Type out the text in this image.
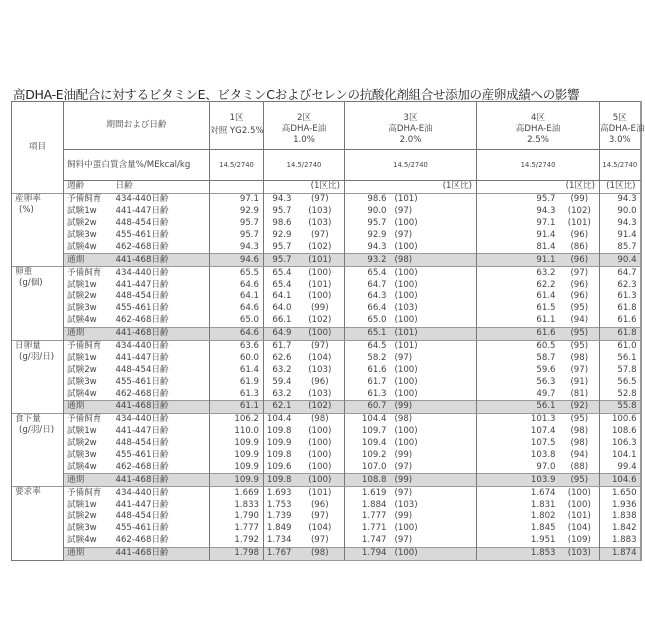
高DHA-E油配合に対するビタミンE、ビタミンCおよびセレンの抗酸化剤組合せ添加の産卵成績への影響
項目	期間および日齢	1区	2区	3区	4区	5区
対照 YG2.5%	高DHA-E油
1.0%

高DHA-E油
2.0%

高DHA-E油
2.5%

高DHA-E油
3.0%

飼料中蛋白質含量%/MEkcal/kg	14.5/2740	14.5/2740	14.5/2740	14.5/2740	14.5/2740
週齢	日齢		(1区比)	(1区比)	(1区比)	(1区比)

産卵率
(%)
	予備飼育	434-440日齢	97.1	94.3	(97)	98.6	(101)	95.7	(99)	94.3	
試験1w	441-447日齢	92.9	95.7	(103)	90.0	(97)	94.3	(102)	90.0	
試験2w	448-454日齢	95.7	98.6	(103)	95.7	(100)	97.1	(101)	94.3	
試験3w	455-461日齢	95.7	92.9	(97)	92.9	(97)	91.4	(96)	91.4	
試験4w	462-468日齢	94.3	95.7	(102)	94.3	(100)	81.4	(86)	85.7	
通期	441-468日齢	94.6	95.7	(101)	93.2	(98)	91.1	(96)	90.4	

卵重
(g/個)
	予備飼育	434-440日齢	65.5	65.4	(100)	65.4	(100)	63.2	(97)	64.7	
試験1w	441-447日齢	64.6	65.4	(101)	64.7	(100)	62.2	(96)	62.3	
試験2w	448-454日齢	64.1	64.1	(100)	64.3	(100)	61.4	(96)	61.3	
試験3w	455-461日齢	64.6	64.0	(99)	66.4	(103)	61.5	(95)	61.8	
試験4w	462-468日齢	65.0	66.1	(102)	65.0	(100)	61.1	(94)	61.6	
通期	441-468日齢	64.6	64.9	(100)	65.1	(101)	61.6	(95)	61.8	

日卵量
(g/羽/日)
	予備飼育	434-440日齢	63.6	61.7	(97)	64.5	(101)	60.5	(95)	61.0	
試験1w	441-447日齢	60.0	62.6	(104)	58.2	(97)	58.7	(98)	56.1	
試験2w	448-454日齢	61.4	63.2	(103)	61.6	(100)	59.6	(97)	57.8	
試験3w	455-461日齢	61.9	59.4	(96)	61.7	(100)	56.3	(91)	56.5	
試験4w	462-468日齢	61.3	63.2	(103)	61.3	(100)	49.7	(81)	52.8	
通期	441-468日齢	61.1	62.1	(102)	60.7	(99)	56.1	(92)	55.8	

食下量
(g/羽/日)
	予備飼育	434-440日齢	106.2	104.4	(98)	104.4	(98)	101.3	(95)	100.6	
試験1w	441-447日齢	110.0	109.8	(100)	109.7	(100)	107.4	(98)	108.6	
試験2w	448-454日齢	109.9	109.9	(100)	109.4	(100)	107.5	(98)	106.3	
試験3w	455-461日齢	109.9	109.8	(100)	109.2	(99)	103.8	(94)	104.1	
試験4w	462-468日齢	109.9	109.6	(100)	107.0	(97)	97.0	(88)	99.4	
通期	441-468日齢	109.9	109.8	(100)	108.8	(99)	103.9	(95)	104.6	

要求率	予備飼育	434-440日齢	1.669	1.693	(101)	1.619	(97)	1.674	(100)	1.650	
試験1w	441-447日齢	1.833	1.753	(96)	1.884	(103)	1.831	(100)	1.936	
試験2w	448-454日齢	1.790	1.739	(97)	1.777	(99)	1.802	(101)	1.838	
試験3w	455-461日齢	1.777	1.849	(104)	1.771	(100)	1.845	(104)	1.842	
試験4w	462-468日齢	1.792	1.734	(97)	1.747	(97)	1.951	(109)	1.883	
通期	441-468日齢	1.798	1.767	(98)	1.794	(100)	1.853	(103)	1.874	
